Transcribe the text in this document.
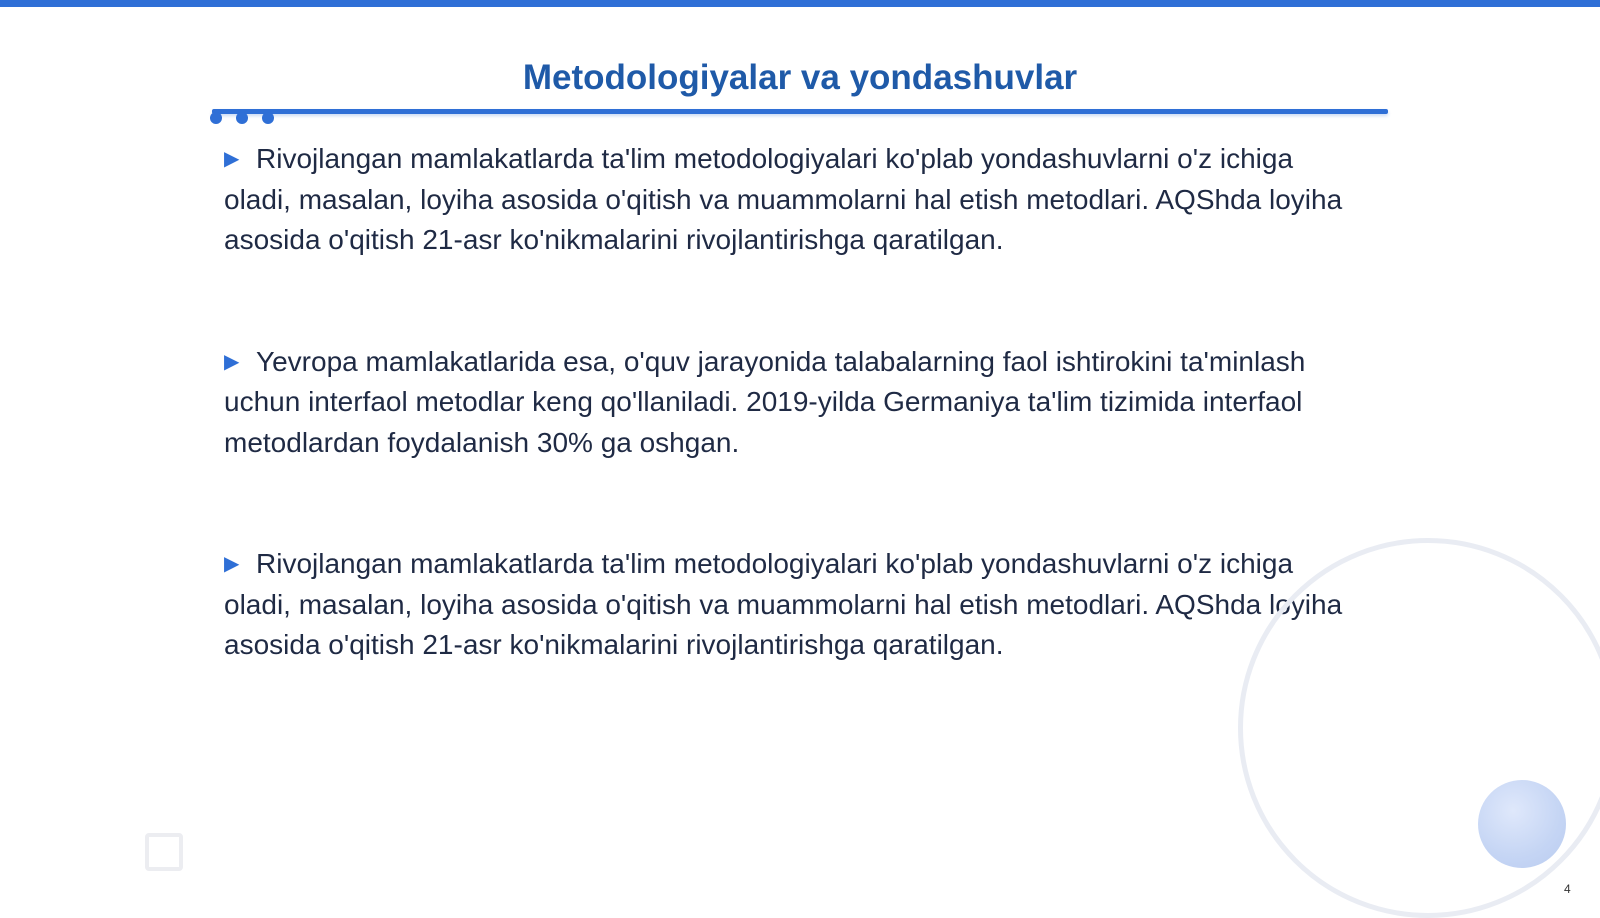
Metodologiyalar va yondashuvlar

▶ Rivojlangan mamlakatlarda ta'lim metodologiyalari ko'plab yondashuvlarni o'z ichiga oladi, masalan, loyiha asosida o'qitish va muammolarni hal etish metodlari. AQShda loyiha asosida o'qitish 21-asr ko'nikmalarini rivojlantirishga qaratilgan.

▶ Yevropa mamlakatlarida esa, o'quv jarayonida talabalarning faol ishtirokini ta'minlash uchun interfaol metodlar keng qo'llaniladi. 2019-yilda Germaniya ta'lim tizimida interfaol metodlardan foydalanish 30% ga oshgan.

▶ Rivojlangan mamlakatlarda ta'lim metodologiyalari ko'plab yondashuvlarni o'z ichiga oladi, masalan, loyiha asosida o'qitish va muammolarni hal etish metodlari. AQShda loyiha asosida o'qitish 21-asr ko'nikmalarini rivojlantirishga qaratilgan.

4
